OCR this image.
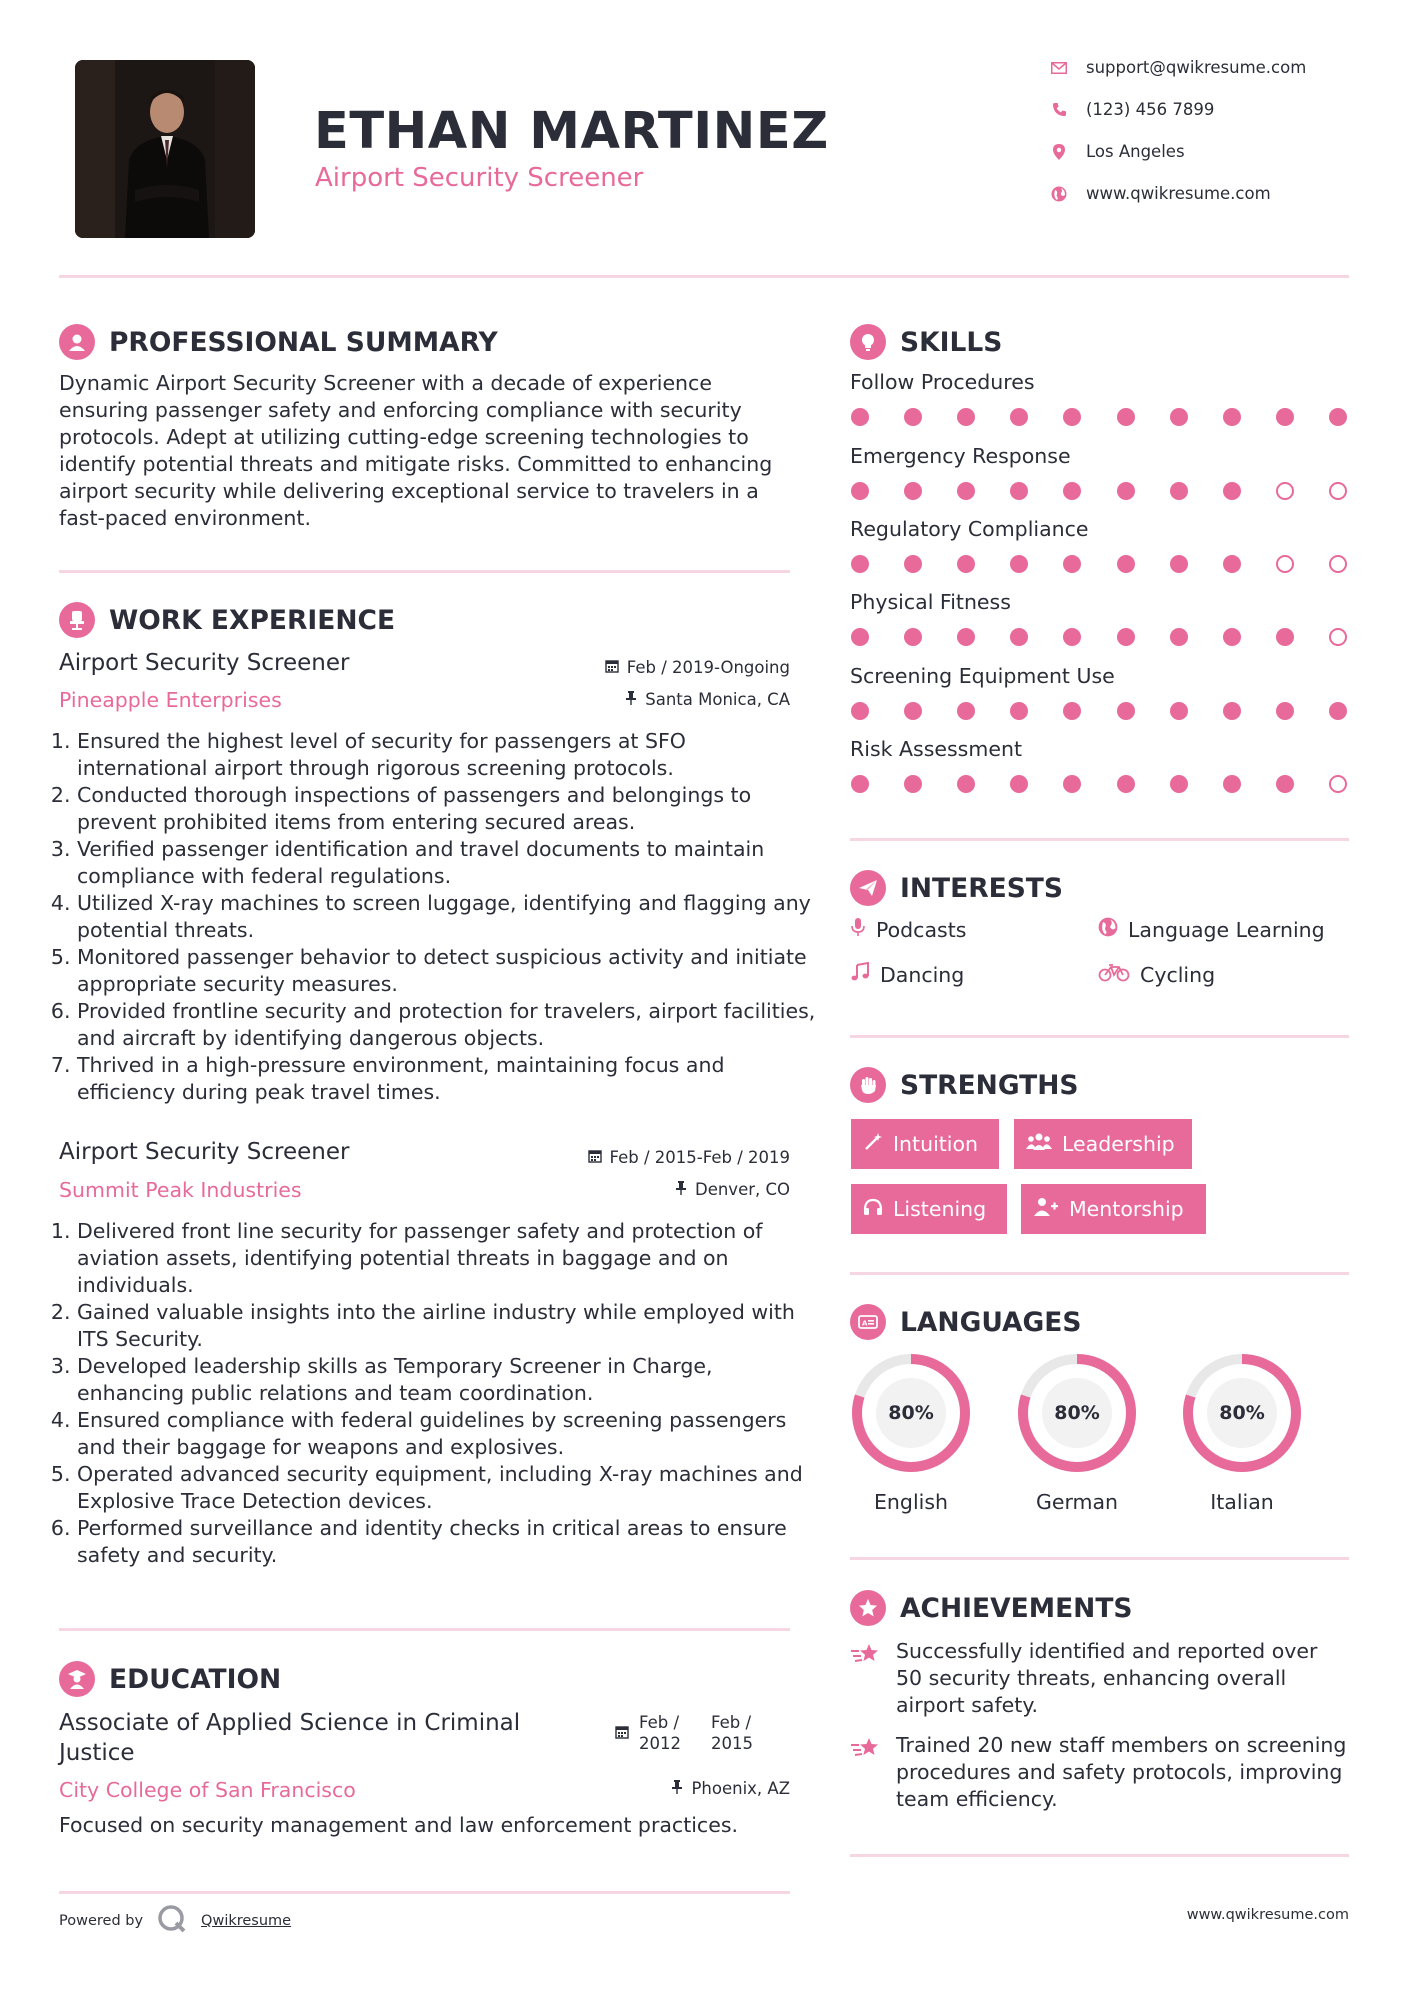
ETHAN MARTINEZ
Airport Security Screener
support@qwikresume.com
(123) 456 7899
Los Angeles
www.qwikresume.com
PROFESSIONAL SUMMARY
Dynamic Airport Security Screener with a decade of experience ensuring passenger safety and enforcing compliance with security protocols. Adept at utilizing cutting-edge screening technologies to identify potential threats and mitigate risks. Committed to enhancing airport security while delivering exceptional service to travelers in a fast-paced environment.
WORK EXPERIENCE
Airport Security Screener
Pineapple Enterprises
Feb / 2019-Ongoing
Santa Monica, CA
1. Ensured the highest level of security for passengers at SFO international airport through rigorous screening protocols.
2. Conducted thorough inspections of passengers and belongings to prevent prohibited items from entering secured areas.
3. Verified passenger identification and travel documents to maintain compliance with federal regulations.
4. Utilized X-ray machines to screen luggage, identifying and flagging any potential threats.
5. Monitored passenger behavior to detect suspicious activity and initiate appropriate security measures.
6. Provided frontline security and protection for travelers, airport facilities, and aircraft by identifying dangerous objects.
7. Thrived in a high-pressure environment, maintaining focus and efficiency during peak travel times.
Airport Security Screener
Summit Peak Industries
Feb / 2015-Feb / 2019
Denver, CO
1. Delivered front line security for passenger safety and protection of aviation assets, identifying potential threats in baggage and on individuals.
2. Gained valuable insights into the airline industry while employed with ITS Security.
3. Developed leadership skills as Temporary Screener in Charge, enhancing public relations and team coordination.
4. Ensured compliance with federal guidelines by screening passengers and their baggage for weapons and explosives.
5. Operated advanced security equipment, including X-ray machines and Explosive Trace Detection devices.
6. Performed surveillance and identity checks in critical areas to ensure safety and security.
EDUCATION
Associate of Applied Science in Criminal Justice
City College of San Francisco
Feb / 2012
Feb / 2015
Phoenix, AZ
Focused on security management and law enforcement practices.
SKILLS
Follow Procedures
Emergency Response
Regulatory Compliance
Physical Fitness
Screening Equipment Use
Risk Assessment
INTERESTS
Podcasts	Language Learning
Dancing	Cycling
STRENGTHS
Intuition	Leadership
Listening	Mentorship
A LANGUAGES
80%
English
80%
German
80%
Italian
ACHIEVEMENTS
Successfully identified and reported over 50 security threats, enhancing overall airport safety.
Trained 20 new staff members on screening procedures and safety protocols, improving team efficiency.
Powered by	Qwikresume	www.qwikresume.com
